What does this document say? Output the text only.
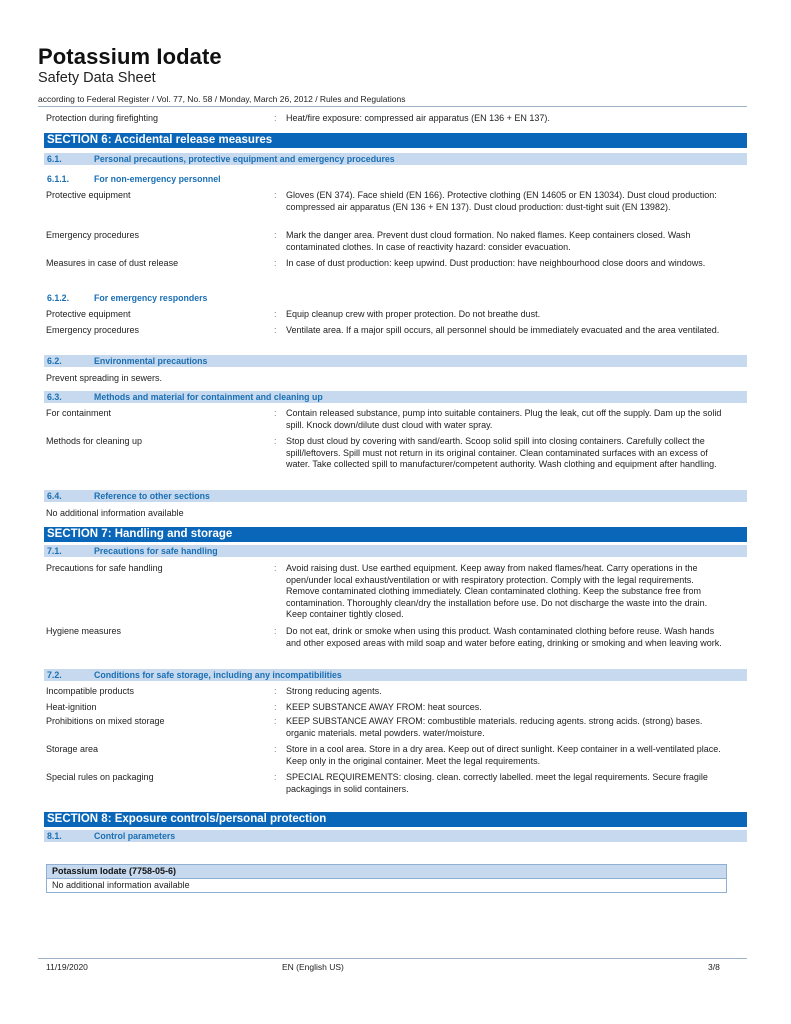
Potassium Iodate
Safety Data Sheet
according to Federal Register / Vol. 77, No. 58 / Monday, March 26, 2012 / Rules and Regulations
Protection during firefighting	: Heat/fire exposure: compressed air apparatus (EN 136 + EN 137).
SECTION 6: Accidental release measures
6.1.	Personal precautions, protective equipment and emergency procedures
6.1.1.	For non-emergency personnel
Protective equipment	: Gloves (EN 374). Face shield (EN 166). Protective clothing (EN 14605 or EN 13034). Dust cloud production: compressed air apparatus (EN 136 + EN 137). Dust cloud production: dust-tight suit (EN 13982).
Emergency procedures	: Mark the danger area. Prevent dust cloud formation. No naked flames. Keep containers closed. Wash contaminated clothes. In case of reactivity hazard: consider evacuation.
Measures in case of dust release	: In case of dust production: keep upwind. Dust production: have neighbourhood close doors and windows.
6.1.2.	For emergency responders
Protective equipment	: Equip cleanup crew with proper protection. Do not breathe dust.
Emergency procedures	: Ventilate area. If a major spill occurs, all personnel should be immediately evacuated and the area ventilated.
6.2.	Environmental precautions
Prevent spreading in sewers.
6.3.	Methods and material for containment and cleaning up
For containment	: Contain released substance, pump into suitable containers. Plug the leak, cut off the supply. Dam up the solid spill. Knock down/dilute dust cloud with water spray.
Methods for cleaning up	: Stop dust cloud by covering with sand/earth. Scoop solid spill into closing containers. Carefully collect the spill/leftovers. Spill must not return in its original container. Clean contaminated surfaces with an excess of water. Take collected spill to manufacturer/competent authority. Wash clothing and equipment after handling.
6.4.	Reference to other sections
No additional information available
SECTION 7: Handling and storage
7.1.	Precautions for safe handling
Precautions for safe handling	: Avoid raising dust. Use earthed equipment. Keep away from naked flames/heat. Carry operations in the open/under local exhaust/ventilation or with respiratory protection. Comply with the legal requirements. Remove contaminated clothing immediately. Clean contaminated clothing. Keep the substance free from contamination. Thoroughly clean/dry the installation before use. Do not discharge the waste into the drain. Keep container tightly closed.
Hygiene measures	: Do not eat, drink or smoke when using this product. Wash contaminated clothing before reuse. Wash hands and other exposed areas with mild soap and water before eating, drinking or smoking and when leaving work.
7.2.	Conditions for safe storage, including any incompatibilities
Incompatible products	: Strong reducing agents.
Heat-ignition	: KEEP SUBSTANCE AWAY FROM: heat sources.
Prohibitions on mixed storage	: KEEP SUBSTANCE AWAY FROM: combustible materials. reducing agents. strong acids. (strong) bases. organic materials. metal powders. water/moisture.
Storage area	: Store in a cool area. Store in a dry area. Keep out of direct sunlight. Keep container in a well-ventilated place. Keep only in the original container. Meet the legal requirements.
Special rules on packaging	: SPECIAL REQUIREMENTS: closing. clean. correctly labelled. meet the legal requirements. Secure fragile packagings in solid containers.
SECTION 8: Exposure controls/personal protection
8.1.	Control parameters
Potassium Iodate (7758-05-6)
No additional information available
11/19/2020	EN (English US)	3/8
